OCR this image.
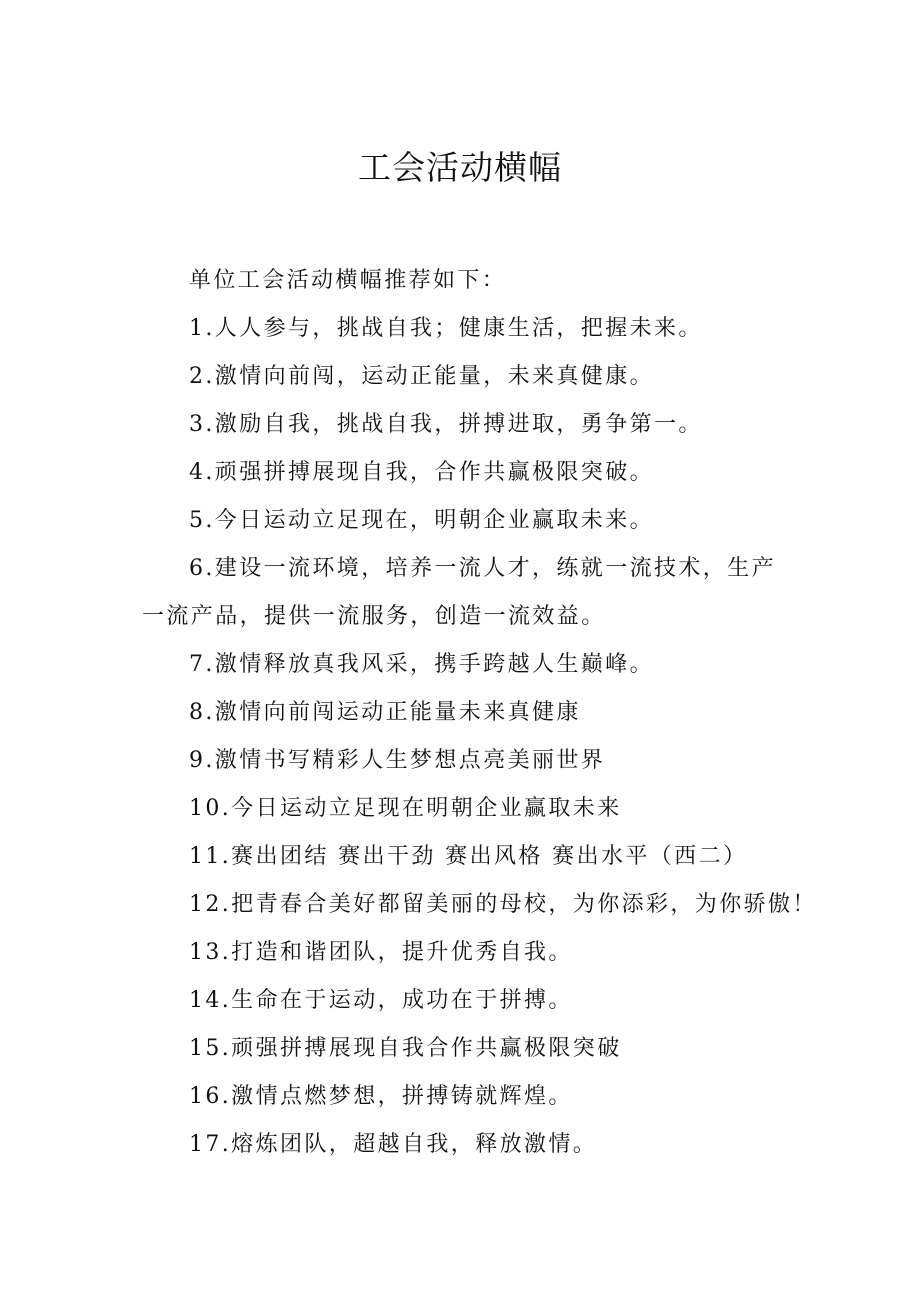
工会活动横幅

单位工会活动横幅推荐如下：

1.人人参与，挑战自我；健康生活，把握未来。

2.激情向前闯，运动正能量，未来真健康。

3.激励自我，挑战自我，拼搏进取，勇争第一。

4.顽强拼搏展现自我，合作共赢极限突破。

5.今日运动立足现在，明朝企业赢取未来。

6.建设一流环境，培养一流人才，练就一流技术，生产一流产品，提供一流服务，创造一流效益。

7.激情释放真我风采，携手跨越人生巅峰。

8.激情向前闯运动正能量未来真健康

9.激情书写精彩人生梦想点亮美丽世界

10.今日运动立足现在明朝企业赢取未来

11.赛出团结 赛出干劲 赛出风格 赛出水平（西二）

12.把青春合美好都留美丽的母校，为你添彩，为你骄傲！

13.打造和谐团队，提升优秀自我。

14.生命在于运动，成功在于拼搏。

15.顽强拼搏展现自我合作共赢极限突破

16.激情点燃梦想，拼搏铸就辉煌。

17.熔炼团队，超越自我，释放激情。
